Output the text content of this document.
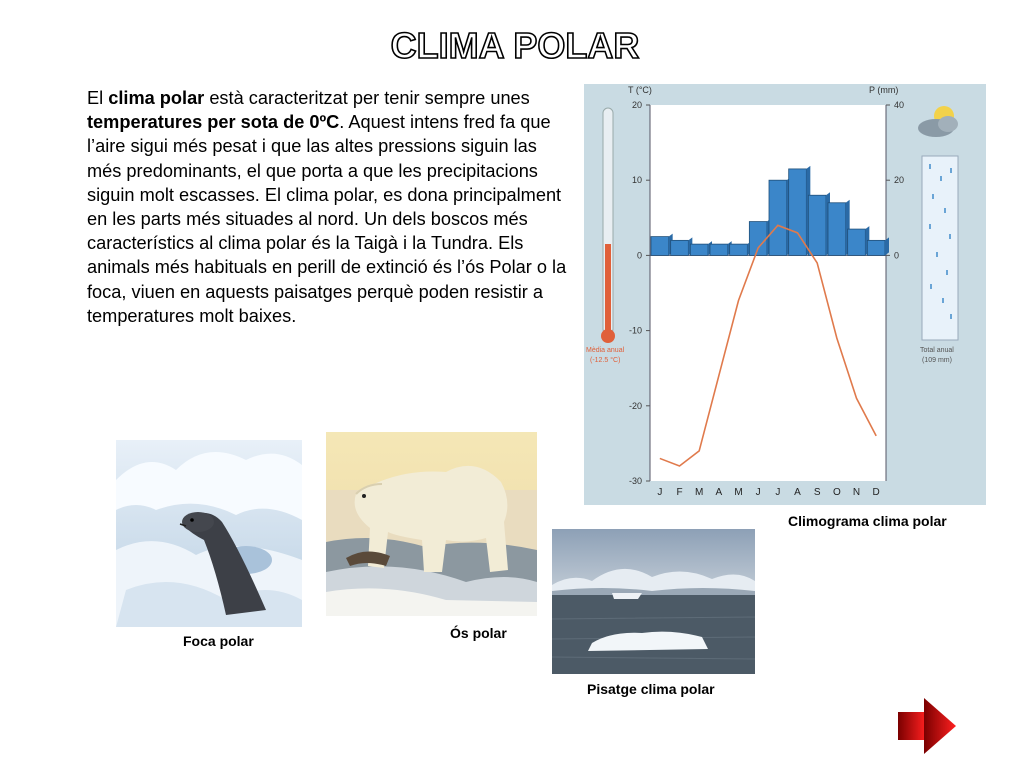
CLIMA POLAR
El clima polar està caracteritzat per tenir sempre unes temperatures per sota de 0ºC. Aquest intens fred fa que l’aire sigui més pesat i que las altes pressions siguin las més predominants, el que porta a que les precipitacions siguin molt escasses. El clima polar, es dona principalment en les parts més situades al nord. Un dels boscos més característics al clima polar és la Taigà i la Tundra. Els animals més habituals en perill de extinció és l’ós Polar o la foca, viuen en aquests paisatges perquè poden resistir a temperatures molt baixes.
Foca polar	Ós polar
Pisatge clima polar
T (°C)	P (mm)
Mèdia anual
(-12.5 °C)
Total anual
(109 mm)
20
10
0
-10
-20
-30
40
20
0
J F M A M J J A S O N D
Climograma clima polar
